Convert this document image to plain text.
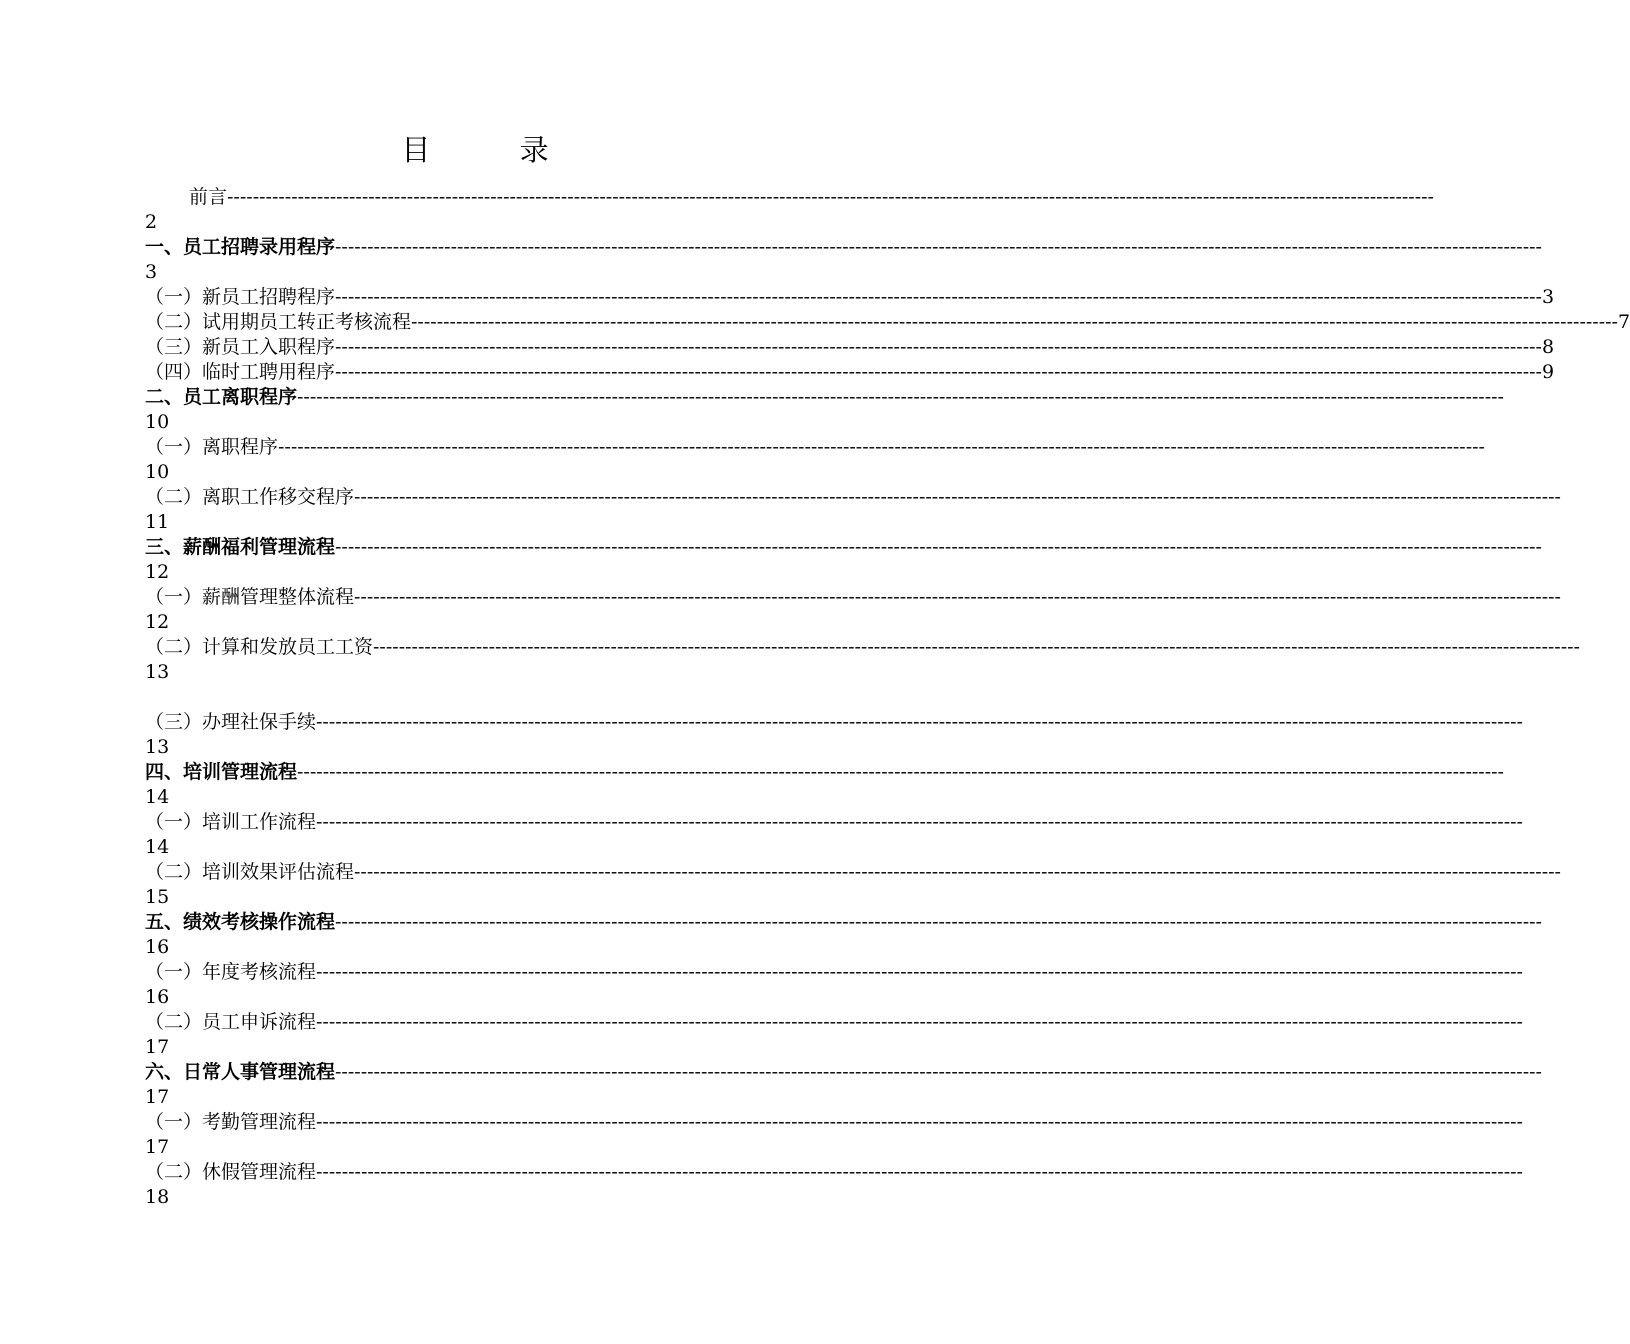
目 录
前言--------------------------------------------------------------------------------------------------------------------------------------------------------------------------------------------
2
一、员工招聘录用程序--------------------------------------------------------------------------------------------------------------------------------------------------------------------------------------------
3
（一）新员工招聘程序 -------------------------------------------------------------------------------------------------------------------------------------------------------------------------------------------- 3
（二）试用期员工转正考核流程 -------------------------------------------------------------------------------------------------------------------------------------------------------------------------------------------- 7
（三）新员工入职程序 -------------------------------------------------------------------------------------------------------------------------------------------------------------------------------------------- 8
（四）临时工聘用程序 -------------------------------------------------------------------------------------------------------------------------------------------------------------------------------------------- 9
二、员工离职程序--------------------------------------------------------------------------------------------------------------------------------------------------------------------------------------------
10
（一）离职程序--------------------------------------------------------------------------------------------------------------------------------------------------------------------------------------------
10
（二）离职工作移交程序--------------------------------------------------------------------------------------------------------------------------------------------------------------------------------------------
11
三、薪酬福利管理流程--------------------------------------------------------------------------------------------------------------------------------------------------------------------------------------------
12
（一）薪酬管理整体流程--------------------------------------------------------------------------------------------------------------------------------------------------------------------------------------------
12
（二）计算和发放员工工资--------------------------------------------------------------------------------------------------------------------------------------------------------------------------------------------
13
（三）办理社保手续--------------------------------------------------------------------------------------------------------------------------------------------------------------------------------------------
13
四、培训管理流程--------------------------------------------------------------------------------------------------------------------------------------------------------------------------------------------
14
（一）培训工作流程--------------------------------------------------------------------------------------------------------------------------------------------------------------------------------------------
14
（二）培训效果评估流程--------------------------------------------------------------------------------------------------------------------------------------------------------------------------------------------
15
五、绩效考核操作流程--------------------------------------------------------------------------------------------------------------------------------------------------------------------------------------------
16
（一）年度考核流程--------------------------------------------------------------------------------------------------------------------------------------------------------------------------------------------
16
（二）员工申诉流程--------------------------------------------------------------------------------------------------------------------------------------------------------------------------------------------
17
六、日常人事管理流程--------------------------------------------------------------------------------------------------------------------------------------------------------------------------------------------
17
（一）考勤管理流程--------------------------------------------------------------------------------------------------------------------------------------------------------------------------------------------
17
（二）休假管理流程--------------------------------------------------------------------------------------------------------------------------------------------------------------------------------------------
18
